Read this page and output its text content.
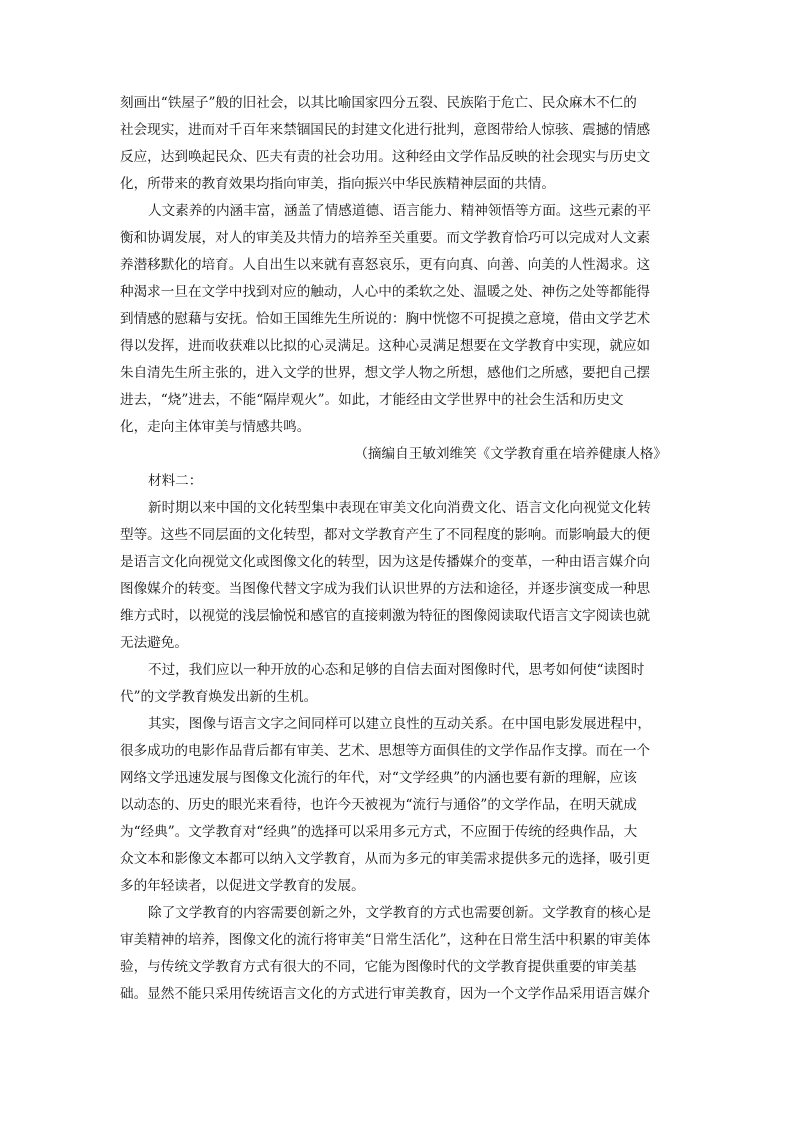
刻画出“铁屋子”般的旧社会，以其比喻国家四分五裂、民族陷于危亡、民众麻木不仁的
社会现实，进而对千百年来禁锢国民的封建文化进行批判，意图带给人惊骇、震撼的情感
反应，达到唤起民众、匹夫有责的社会功用。这种经由文学作品反映的社会现实与历史文
化，所带来的教育效果均指向审美，指向振兴中华民族精神层面的共情。
人文素养的内涵丰富，涵盖了情感道德、语言能力、精神领悟等方面。这些元素的平
衡和协调发展，对人的审美及共情力的培养至关重要。而文学教育恰巧可以完成对人文素
养潜移默化的培育。人自出生以来就有喜怒哀乐，更有向真、向善、向美的人性渴求。这
种渴求一旦在文学中找到对应的触动，人心中的柔软之处、温暖之处、神伤之处等都能得
到情感的慰藉与安抚。恰如王国维先生所说的：胸中恍惚不可捉摸之意境，借由文学艺术
得以发挥，进而收获难以比拟的心灵满足。这种心灵满足想要在文学教育中实现，就应如
朱自清先生所主张的，进入文学的世界，想文学人物之所想，感他们之所感，要把自己摆
进去，“烧”进去，不能“隔岸观火”。如此，才能经由文学世界中的社会生活和历史文
化，走向主体审美与情感共鸣。
（摘编自王敏刘维笑《文学教育重在培养健康人格》
材料二：
新时期以来中国的文化转型集中表现在审美文化向消费文化、语言文化向视觉文化转
型等。这些不同层面的文化转型，都对文学教育产生了不同程度的影响。而影响最大的便
是语言文化向视觉文化或图像文化的转型，因为这是传播媒介的变革，一种由语言媒介向
图像媒介的转变。当图像代替文字成为我们认识世界的方法和途径，并逐步演变成一种思
维方式时，以视觉的浅层愉悦和感官的直接刺激为特征的图像阅读取代语言文字阅读也就
无法避免。
不过，我们应以一种开放的心态和足够的自信去面对图像时代，思考如何使“读图时
代”的文学教育焕发出新的生机。
其实，图像与语言文字之间同样可以建立良性的互动关系。在中国电影发展进程中，
很多成功的电影作品背后都有审美、艺术、思想等方面俱佳的文学作品作支撑。而在一个
网络文学迅速发展与图像文化流行的年代，对“文学经典”的内涵也要有新的理解，应该
以动态的、历史的眼光来看待，也许今天被视为“流行与通俗”的文学作品，在明天就成
为“经典”。文学教育对“经典”的选择可以采用多元方式，不应囿于传统的经典作品，大
众文本和影像文本都可以纳入文学教育，从而为多元的审美需求提供多元的选择，吸引更
多的年轻读者，以促进文学教育的发展。
除了文学教育的内容需要创新之外，文学教育的方式也需要创新。文学教育的核心是
审美精神的培养，图像文化的流行将审美“日常生活化”，这种在日常生活中积累的审美体
验，与传统文学教育方式有很大的不同，它能为图像时代的文学教育提供重要的审美基
础。显然不能只采用传统语言文化的方式进行审美教育，因为一个文学作品采用语言媒介
